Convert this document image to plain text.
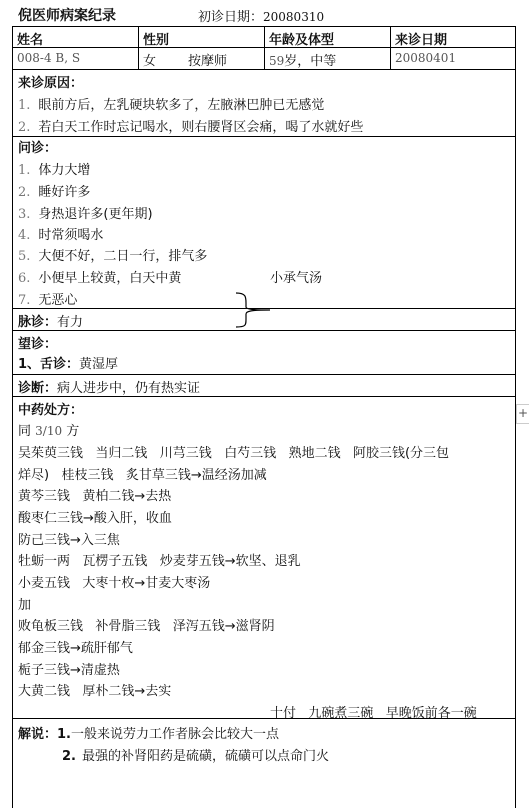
倪医师病案纪录	初诊日期：20080310
姓名	性别	年龄及体型	来诊日期
008-4 B, S	女 按摩师	59岁，中等	20080401
来诊原因：
1. 眼前方后，左乳硬块软多了，左腋淋巴肿已无感觉
2. 若白天工作时忘记喝水，则右腰肾区会痛，喝了水就好些
问诊：
1. 体力大增
2. 睡好许多
3. 身热退许多(更年期)
4. 时常须喝水
5. 大便不好，二日一行，排气多
6. 小便早上较黄，白天中黄	小承气汤
7. 无恶心
脉诊：有力
望诊：
1、舌诊：黄湿厚
诊断：病人进步中，仍有热实证
中药处方：
同 3/10 方
吴茱萸三钱   当归二钱   川芎三钱   白芍三钱   熟地二钱   阿胶三钱(分三包
烊尽)   桂枝三钱   炙甘草三钱→温经汤加减
黄芩三钱   黄柏二钱→去热
酸枣仁三钱→酸入肝，收血
防己三钱→入三焦
牡蛎一两   瓦楞子五钱   炒麦芽五钱→软坚、退乳
小麦五钱   大枣十枚→甘麦大枣汤
加
败龟板三钱   补骨脂三钱   泽泻五钱→滋肾阴
郁金三钱→疏肝郁气
栀子三钱→清虚热
大黄二钱   厚朴二钱→去实
十付   九碗煮三碗   早晚饭前各一碗
解说：1.一般来说劳力工作者脉会比较大一点
2. 最强的补肾阳药是硫磺，硫磺可以点命门火
+
